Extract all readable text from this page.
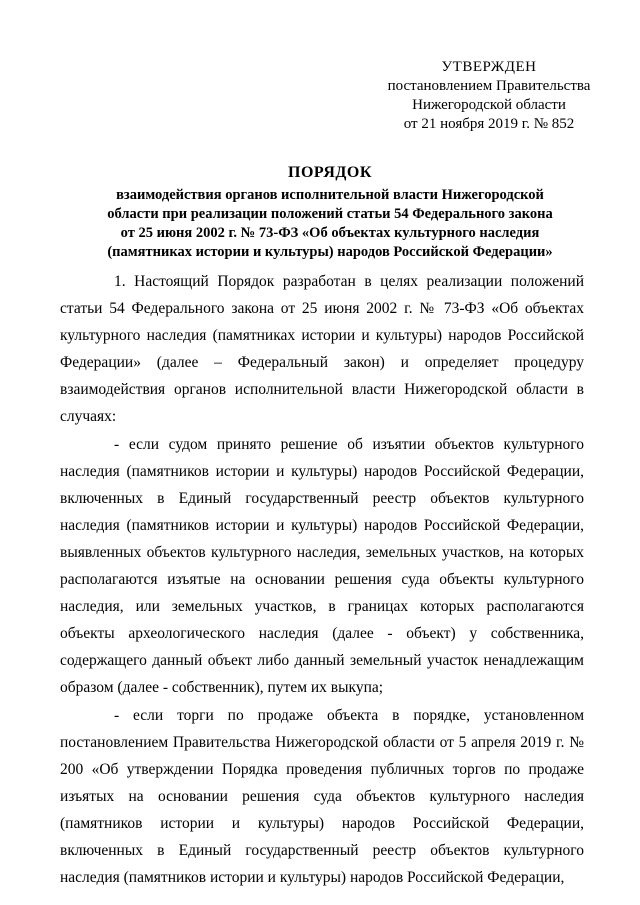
УТВЕРЖДЕН
постановлением Правительства
Нижегородской области
от 21 ноября 2019 г. № 852
ПОРЯДОК
взаимодействия органов исполнительной власти Нижегородской
области при реализации положений статьи 54 Федерального закона
от 25 июня 2002 г. № 73-ФЗ «Об объектах культурного наследия
(памятниках истории и культуры) народов Российской Федерации»

1. Настоящий Порядок разработан в целях реализации положений статьи 54 Федерального закона от 25 июня 2002 г. № 73-ФЗ «Об объектах культурного наследия (памятниках истории и культуры) народов Российской Федерации» (далее – Федеральный закон) и определяет процедуру взаимодействия органов исполнительной власти Нижегородской области в случаях:

- если судом принято решение об изъятии объектов культурного наследия (памятников истории и культуры) народов Российской Федерации, включенных в Единый государственный реестр объектов культурного наследия (памятников истории и культуры) народов Российской Федерации, выявленных объектов культурного наследия, земельных участков, на которых располагаются изъятые на основании решения суда объекты культурного наследия, или земельных участков, в границах которых располагаются объекты археологического наследия (далее - объект) у собственника, содержащего данный объект либо данный земельный участок ненадлежащим образом (далее - собственник), путем их выкупа;

- если торги по продаже объекта в порядке, установленном постановлением Правительства Нижегородской области от 5 апреля 2019 г. № 200 «Об утверждении Порядка проведения публичных торгов по продаже изъятых на основании решения суда объектов культурного наследия (памятников истории и культуры) народов Российской Федерации, включенных в Единый государственный реестр объектов культурного наследия (памятников истории и культуры) народов Российской Федерации,
